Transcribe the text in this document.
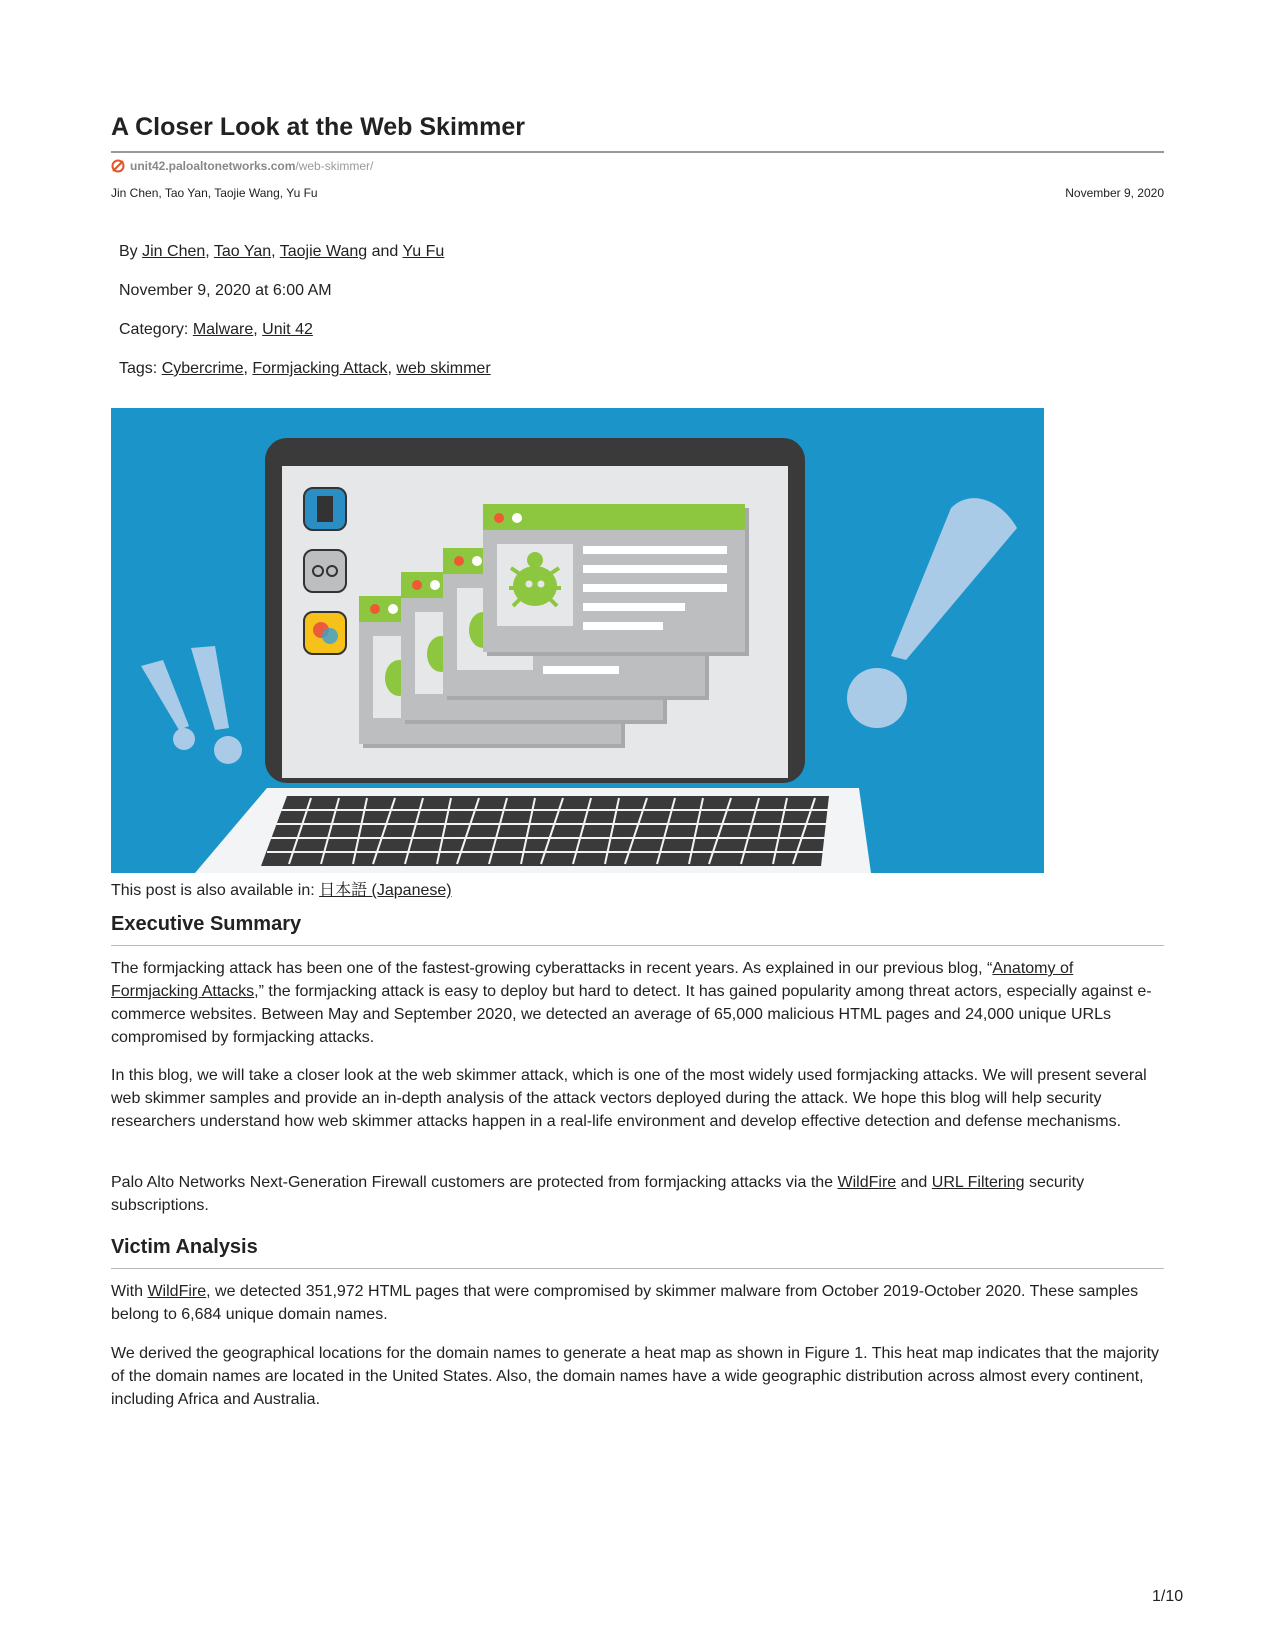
A Closer Look at the Web Skimmer
unit42.paloaltonetworks.com /web-skimmer/
Jin Chen, Tao Yan, Taojie Wang, Yu Fu	November 9, 2020
By Jin Chen, Tao Yan, Taojie Wang and Yu Fu
November 9, 2020 at 6:00 AM
Category: Malware, Unit 42
Tags: Cybercrime, Formjacking Attack, web skimmer
This post is also available in: 日本語 (Japanese)
Executive Summary

The formjacking attack has been one of the fastest-growing cyberattacks in recent years. As explained in our previous blog, “Anatomy of Formjacking Attacks,” the formjacking attack is easy to deploy but hard to detect. It has gained popularity among threat actors, especially against e-commerce websites. Between May and September 2020, we detected an average of 65,000 malicious HTML pages and 24,000 unique URLs compromised by formjacking attacks.

In this blog, we will take a closer look at the web skimmer attack, which is one of the most widely used formjacking attacks. We will present several web skimmer samples and provide an in-depth analysis of the attack vectors deployed during the attack. We hope this blog will help security researchers understand how web skimmer attacks happen in a real-life environment and develop effective detection and defense mechanisms.

Palo Alto Networks Next-Generation Firewall customers are protected from formjacking attacks via the WildFire and URL Filtering security subscriptions.

Victim Analysis

With WildFire, we detected 351,972 HTML pages that were compromised by skimmer malware from October 2019-October 2020. These samples belong to 6,684 unique domain names.

We derived the geographical locations for the domain names to generate a heat map as shown in Figure 1. This heat map indicates that the majority of the domain names are located in the United States. Also, the domain names have a wide geographic distribution across almost every continent, including Africa and Australia.

1/10
